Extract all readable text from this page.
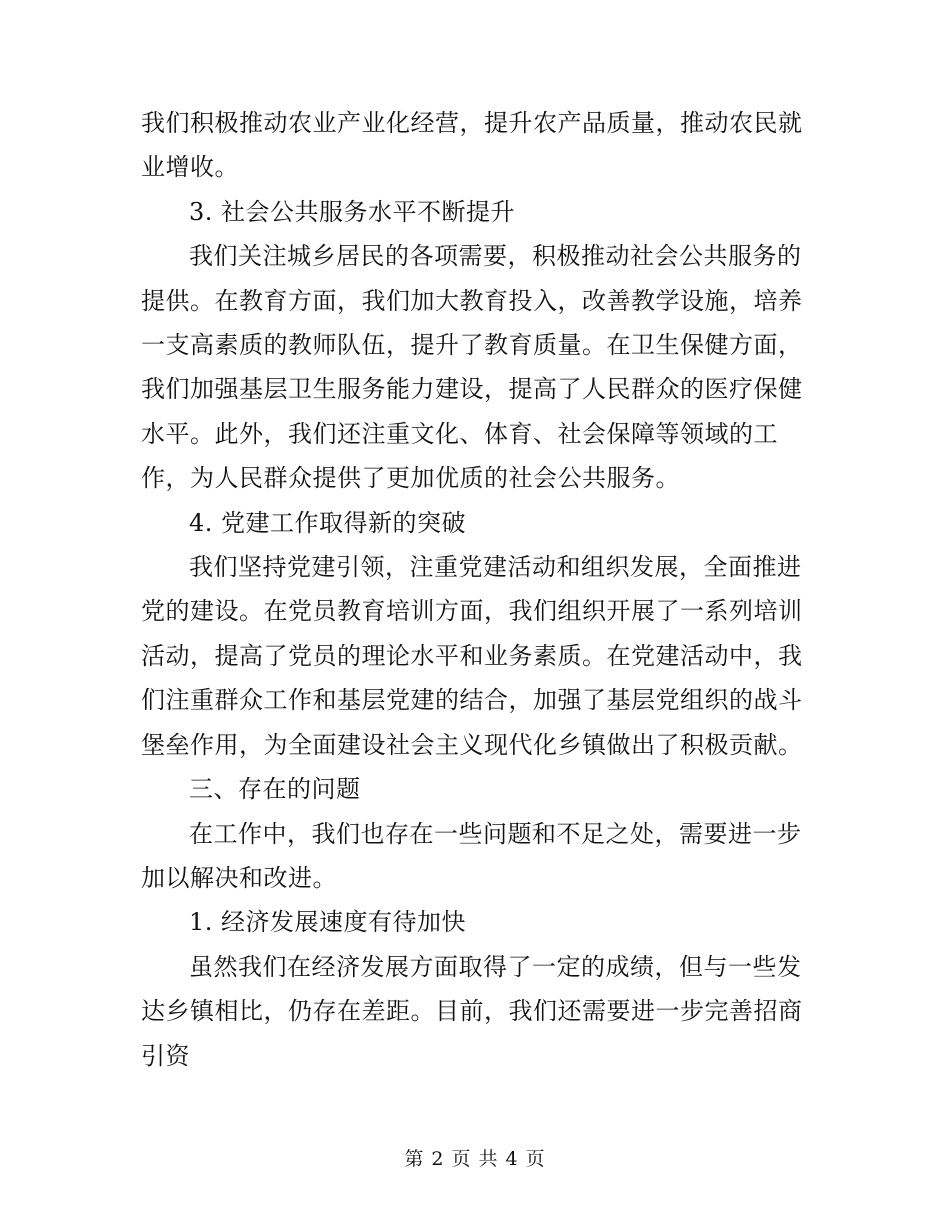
我们积极推动农业产业化经营，提升农产品质量，推动农民就业增收。

3. 社会公共服务水平不断提升

我们关注城乡居民的各项需要，积极推动社会公共服务的提供。在教育方面，我们加大教育投入，改善教学设施，培养一支高素质的教师队伍，提升了教育质量。在卫生保健方面，我们加强基层卫生服务能力建设，提高了人民群众的医疗保健水平。此外，我们还注重文化、体育、社会保障等领域的工作，为人民群众提供了更加优质的社会公共服务。

4. 党建工作取得新的突破

我们坚持党建引领，注重党建活动和组织发展，全面推进党的建设。在党员教育培训方面，我们组织开展了一系列培训活动，提高了党员的理论水平和业务素质。在党建活动中，我们注重群众工作和基层党建的结合，加强了基层党组织的战斗堡垒作用，为全面建设社会主义现代化乡镇做出了积极贡献。

三、存在的问题

在工作中，我们也存在一些问题和不足之处，需要进一步加以解决和改进。

1. 经济发展速度有待加快

虽然我们在经济发展方面取得了一定的成绩，但与一些发达乡镇相比，仍存在差距。目前，我们还需要进一步完善招商引资

第 2 页 共 4 页
